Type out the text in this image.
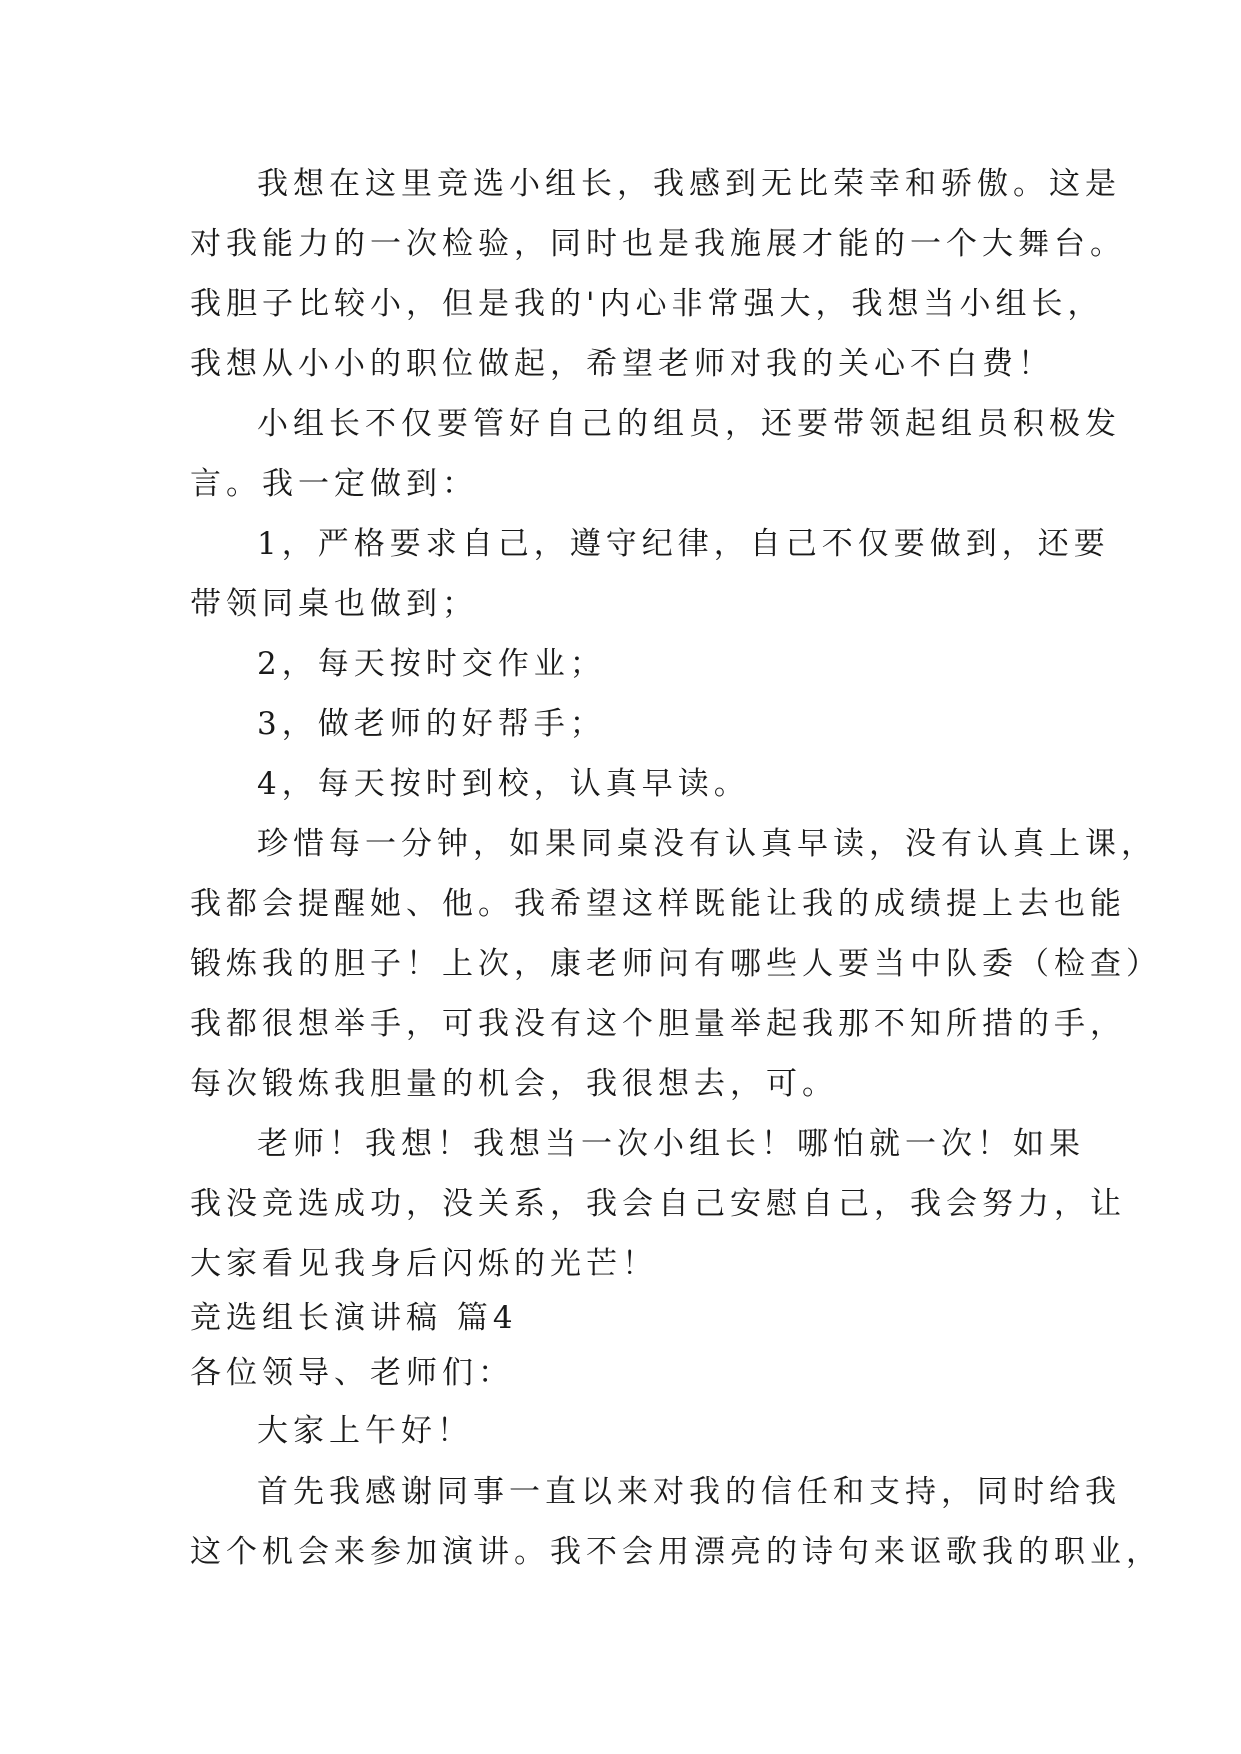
我想在这里竞选小组长，我感到无比荣幸和骄傲。这是
对我能力的一次检验，同时也是我施展才能的一个大舞台。
我胆子比较小，但是我的'内心非常强大，我想当小组长，
我想从小小的职位做起，希望老师对我的关心不白费！
小组长不仅要管好自己的组员，还要带领起组员积极发
言。我一定做到：
1，严格要求自己，遵守纪律，自己不仅要做到，还要
带领同桌也做到；
2，每天按时交作业；
3，做老师的好帮手；
4，每天按时到校，认真早读。
珍惜每一分钟，如果同桌没有认真早读，没有认真上课，
我都会提醒她、他。我希望这样既能让我的成绩提上去也能
锻炼我的胆子！上次，康老师问有哪些人要当中队委（检查）
我都很想举手，可我没有这个胆量举起我那不知所措的手，
每次锻炼我胆量的机会，我很想去，可。
老师！我想！我想当一次小组长！哪怕就一次！如果
我没竞选成功，没关系，我会自己安慰自己，我会努力，让
大家看见我身后闪烁的光芒！
竞选组长演讲稿 篇4
各位领导、老师们：
大家上午好！
首先我感谢同事一直以来对我的信任和支持，同时给我
这个机会来参加演讲。我不会用漂亮的诗句来讴歌我的职业，
